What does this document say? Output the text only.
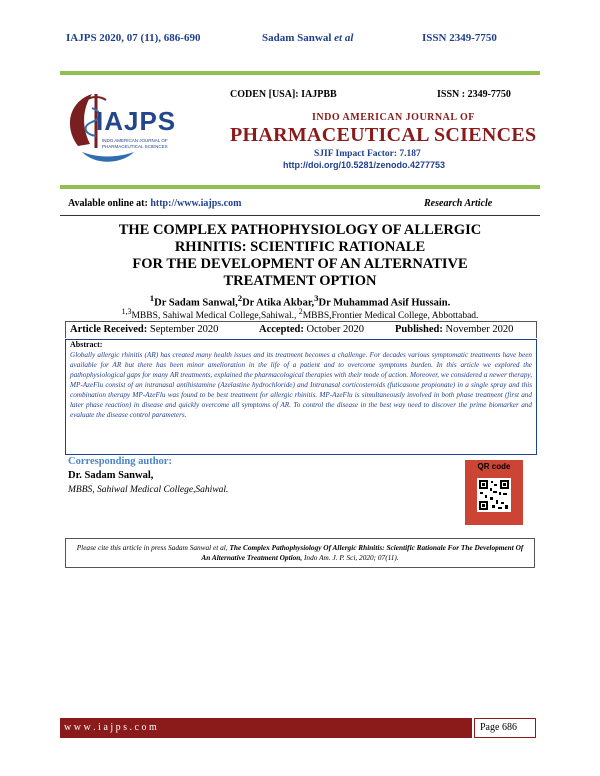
IAJPS 2020, 07 (11), 686-690	Sadam Sanwal et al	ISSN 2349-7750
IAJPS
INDO AMERICAN JOURNAL OF PHARMACEUTICAL SCIENCES
CODEN [USA]: IAJPBB	ISSN : 2349-7750
INDO AMERICAN JOURNAL OF
PHARMACEUTICAL SCIENCES
SJIF Impact Factor: 7.187
http://doi.org/10.5281/zenodo.4277753
Avalable online at: http://www.iajps.com	Research Article
THE COMPLEX PATHOPHYSIOLOGY OF ALLERGIC
RHINITIS: SCIENTIFIC RATIONALE
FOR THE DEVELOPMENT OF AN ALTERNATIVE
TREATMENT OPTION
$^1$Dr Sadam Sanwal,$^2$Dr Atika Akbar,$^3$Dr Muhammad Asif Hussain.
$^{1,3}$MBBS, Sahiwal Medical College,Sahiwal., $^2$MBBS,Frontier Medical College, Abbottabad.
Article Received: September 2020	Accepted: October 2020	Published: November 2020
Abstract:
Globally allergic rhinitis (AR) has created many health issues and its treatment becomes a challenge. For decades various symptomatic treatments have been available for AR but there has been minor amelioration in the life of a patient and to overcome symptoms burden. In this article we explored the pathophysiological gaps for many AR treatments, explained the pharmacological therapies with their mode of action. Moreover, we considered a newer therapy, MP-AzeFlu consist of an intranasal antihistamine (Azelastine hydrochloride) and Intranasal corticosteroids (futicasone propionate) in a single spray and this combination therapy MP-AzeFlu was found to be best treatment for allergic rhinitis. MP-AzeFlu is simultaneously involved in both phase treatment (first and later phase reaction) in disease and quickly overcome all symptoms of AR. To control the disease in the best way need to discover the prime biomarker and evaluate the disease control parameters.
Corresponding author:
Dr. Sadam Sanwal,
MBBS, Sahiwal Medical College,Sahiwal.
QR code
Please cite this article in press Sadam Sanwal et al, The Complex Pathophysiology Of Allergic Rhinitis: Scientific Rationale For The Development Of An Alternative Treatment Option, Indo Am. J. P. Sci, 2020; 07(11).
w w w . i a j p s . c o m	Page 686
